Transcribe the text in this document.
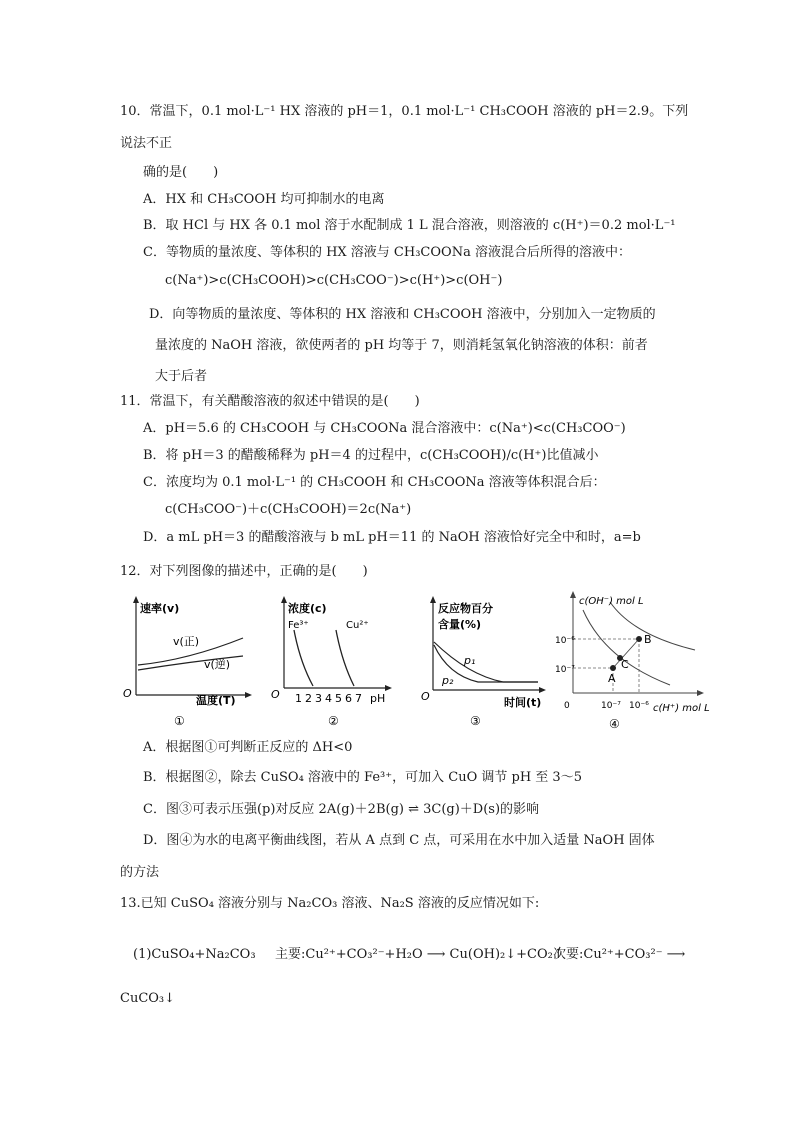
10．常温下，0.1 mol·L⁻¹ HX 溶液的 pH＝1，0.1 mol·L⁻¹ CH₃COOH 溶液的 pH＝2.9。下列
说法不正
确的是(　　)
A．HX 和 CH₃COOH 均可抑制水的电离
B．取 HCl 与 HX 各 0.1 mol 溶于水配制成 1 L 混合溶液，则溶液的 c(H⁺)＝0.2 mol·L⁻¹
C．等物质的量浓度、等体积的 HX 溶液与 CH₃COONa 溶液混合后所得的溶液中：
c(Na⁺)>c(CH₃COOH)>c(CH₃COO⁻)>c(H⁺)>c(OH⁻)
D．向等物质的量浓度、等体积的 HX 溶液和 CH₃COOH 溶液中，分别加入一定物质的
量浓度的 NaOH 溶液，欲使两者的 pH 均等于 7，则消耗氢氧化钠溶液的体积：前者
大于后者
11．常温下，有关醋酸溶液的叙述中错误的是(　　)
A．pH＝5.6 的 CH₃COOH 与 CH₃COONa 混合溶液中：c(Na⁺)<c(CH₃COO⁻)
B．将 pH＝3 的醋酸稀释为 pH＝4 的过程中，c(CH₃COOH)/c(H⁺)比值减小
C．浓度均为 0.1 mol·L⁻¹ 的 CH₃COOH 和 CH₃COONa 溶液等体积混合后：
c(CH₃COO⁻)＋c(CH₃COOH)＝2c(Na⁺)
D．a mL pH＝3 的醋酸溶液与 b mL pH＝11 的 NaOH 溶液恰好完全中和时，a=b
12．对下列图像的描述中，正确的是(　　)
速率(v)
v(正)
v(逆)
O
温度(T)
①
浓度(c)
Fe³⁺	Cu²⁺
O 1 2 3 4 5 6 7 pH
②
反应物百分
含量(%)
p₁
p₂
O	时间(t)
③
c(OH⁻) mol L
10⁻⁶
10⁻⁷
0	10⁻⁷ 10⁻⁶ c(H⁺) mol L
A
B
C
④
A．根据图①可判断正反应的 ΔH<0
B．根据图②，除去 CuSO₄ 溶液中的 Fe³⁺，可加入 CuO 调节 pH 至 3～5
C．图③可表示压强(p)对反应 2A(g)＋2B(g) ⇌ 3C(g)＋D(s)的影响
D．图④为水的电离平衡曲线图，若从 A 点到 C 点，可采用在水中加入适量 NaOH 固体
的方法
13.已知 CuSO₄ 溶液分别与 Na₂CO₃ 溶液、Na₂S 溶液的反应情况如下:
(1)CuSO₄+Na₂CO₃ 主要:Cu²⁺+CO₃²⁻+H₂O ⟶ Cu(OH)₂↓+CO₂↑
次要:Cu²⁺+CO₃²⁻ ⟶
CuCO₃↓
